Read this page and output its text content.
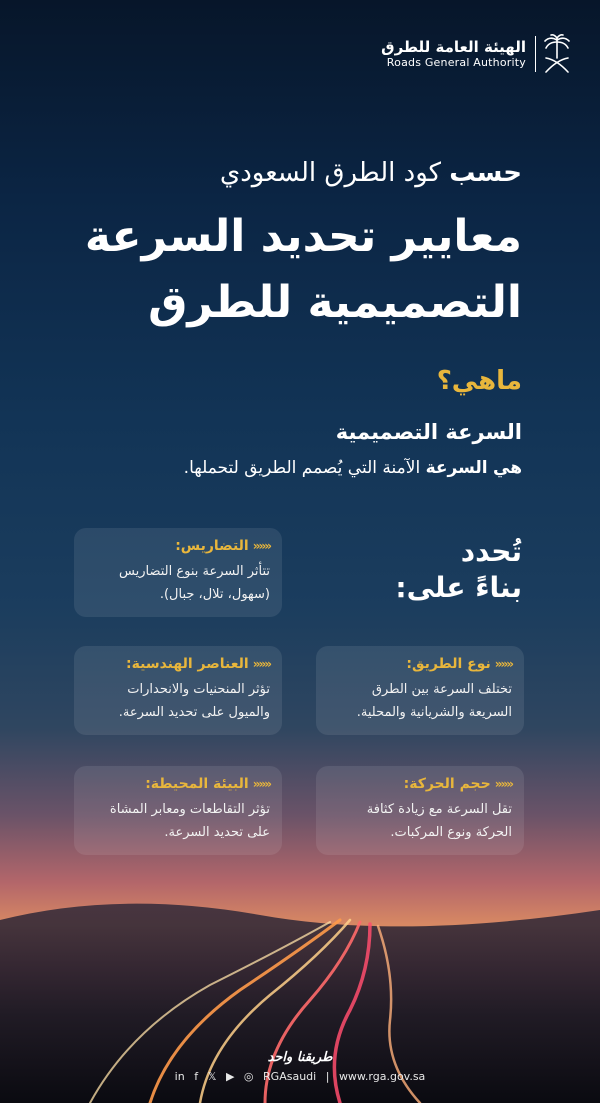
الهيئة العامة للطرق
Roads General Authority
حسب كود الطرق السعودي
معايير تحديد السرعة
التصميمية للطرق
ماهي؟
السرعة التصميمية
هي السرعة الآمنة التي يُصمم الطريق لتحملها.
تُحدد
بناءً على:
«««
التضاريس:
تتأثر السرعة بنوع التضاريس (سهول، تلال، جبال).
«««
نوع الطريق:
تختلف السرعة بين الطرق السريعة والشريانية والمحلية.
«««
العناصر الهندسية:
تؤثر المنحنيات والانحدارات والميول على تحديد السرعة.
«««
حجم الحركة:
تقل السرعة مع زيادة كثافة الحركة ونوع المركبات.
«««
البيئة المحيطة:
تؤثر التقاطعات ومعابر المشاة على تحديد السرعة.
طريقنا واحد
in f 𝕏 ▶ ◎ RGAsaudi | www.rga.gov.sa
